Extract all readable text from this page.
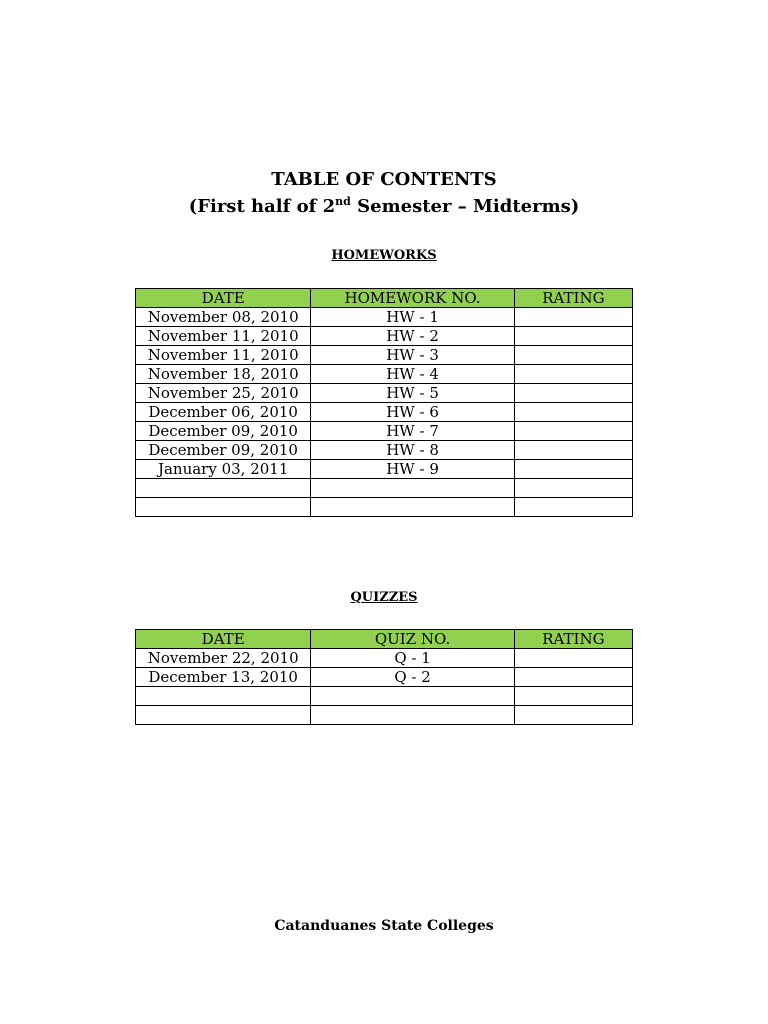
TABLE OF CONTENTS
(First half of 2nd Semester – Midterms)
HOMEWORKS
DATE	HOMEWORK NO.	RATING
November 08, 2010	HW - 1	
November 11, 2010	HW - 2	
November 11, 2010	HW - 3	
November 18, 2010	HW - 4	
November 25, 2010	HW - 5	
December 06, 2010	HW - 6	
December 09, 2010	HW - 7	
December 09, 2010	HW - 8	
January 03, 2011	HW - 9	

QUIZZES
DATE	QUIZ NO.	RATING
November 22, 2010	Q - 1	
December 13, 2010	Q - 2	

Catanduanes State Colleges
